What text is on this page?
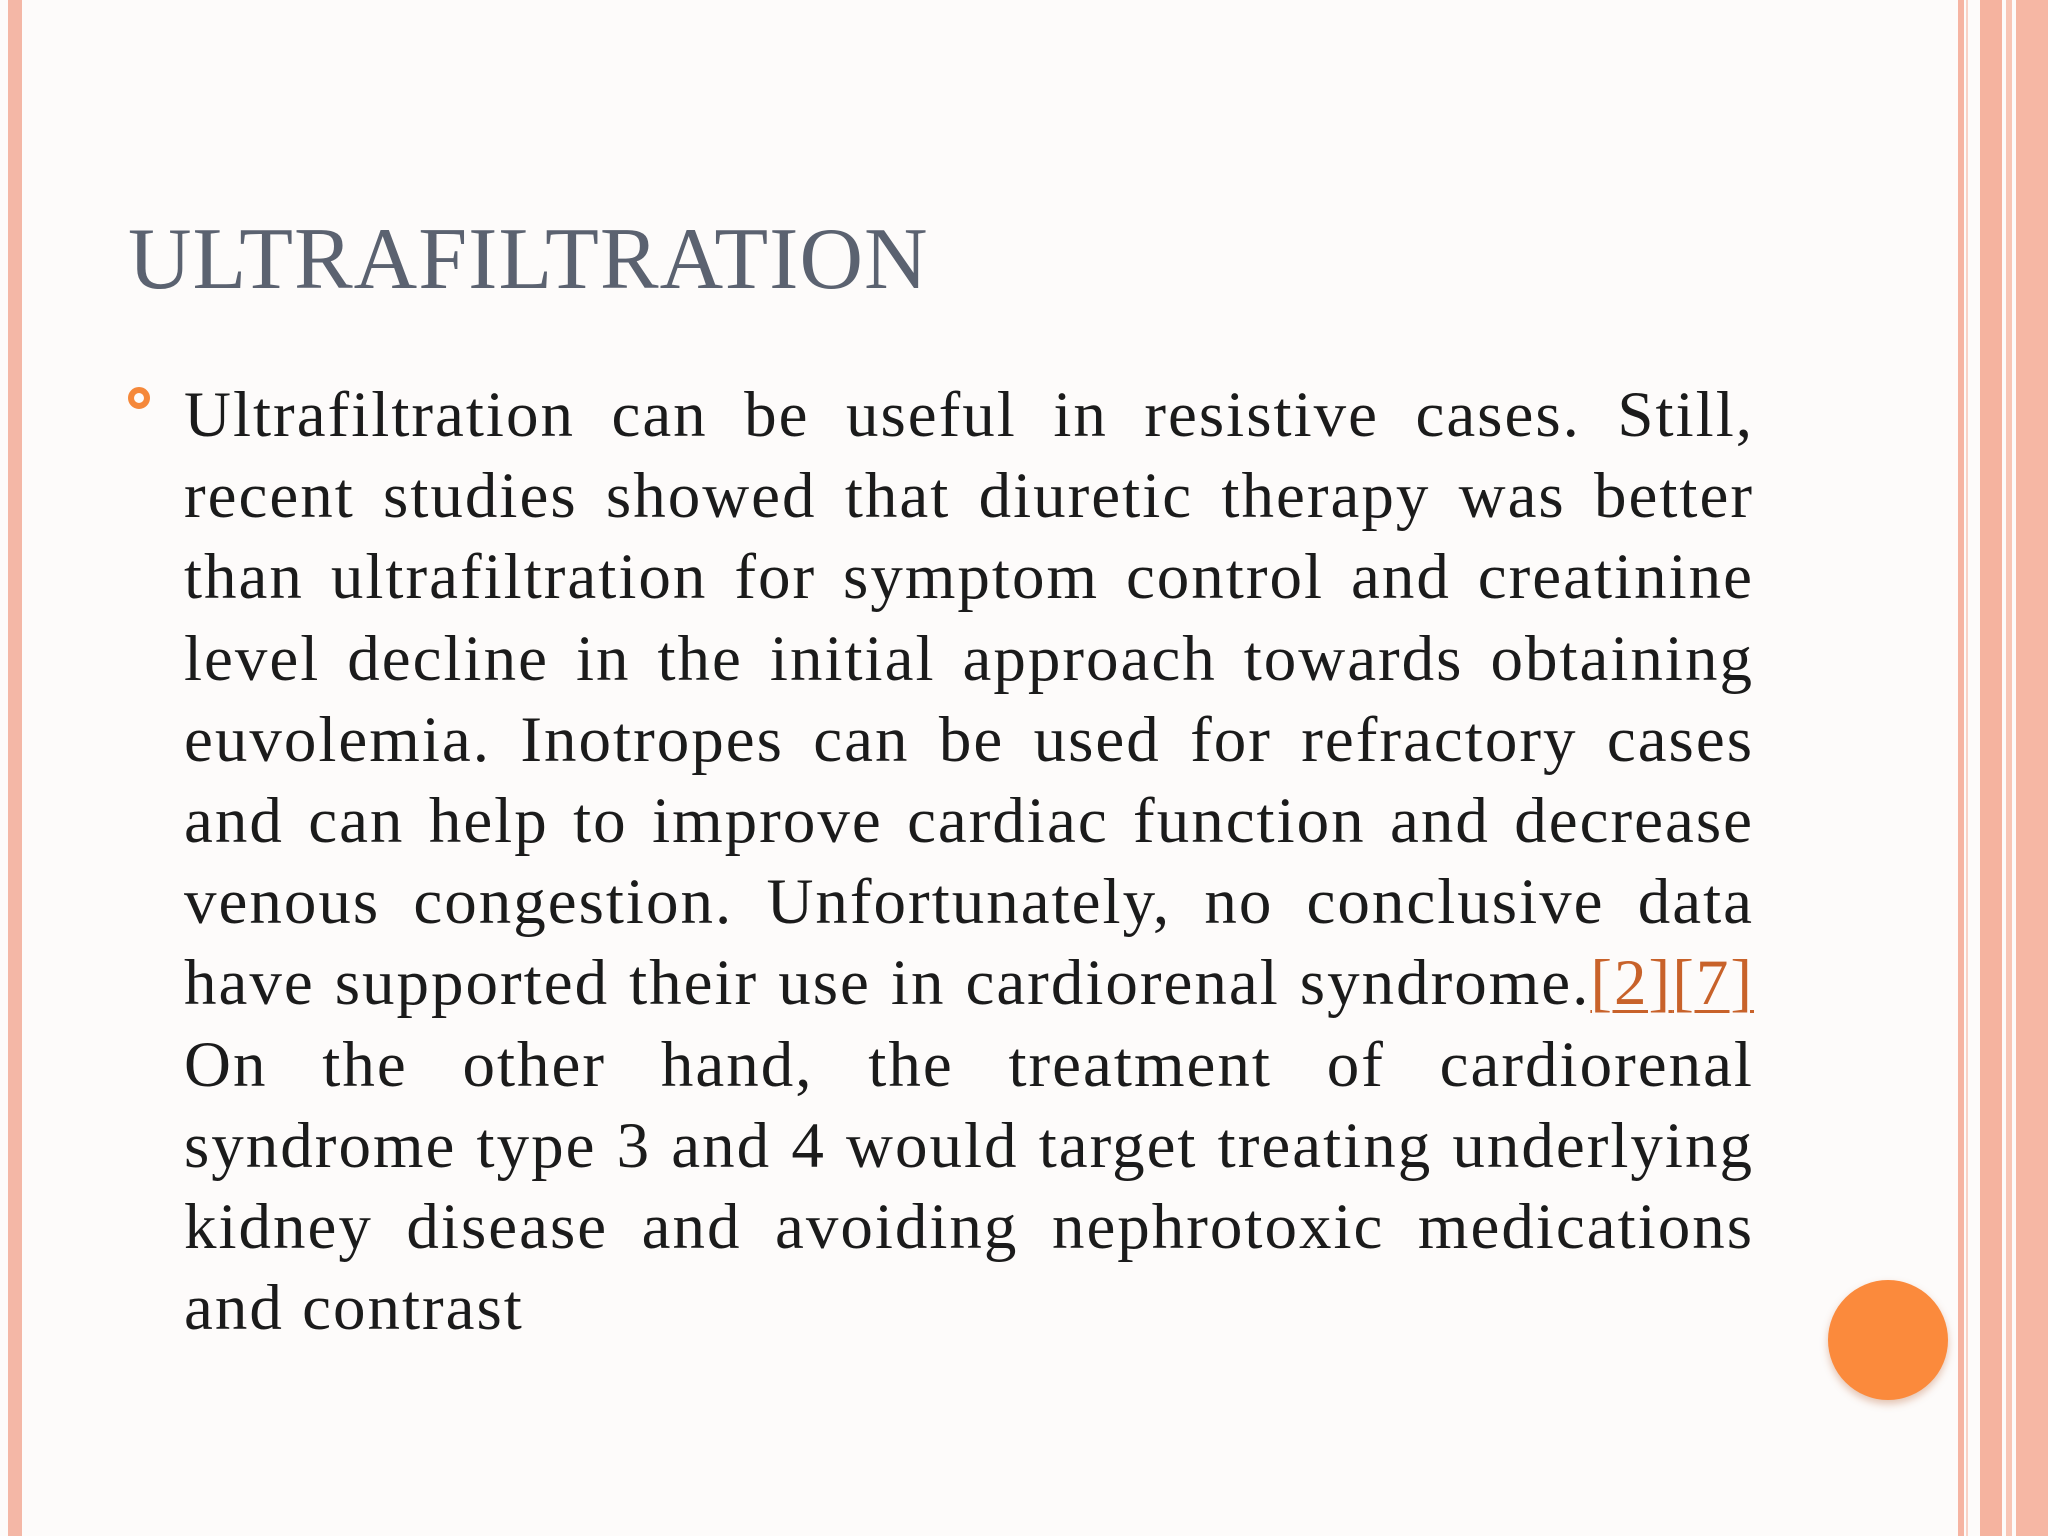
ULTRAFILTRATION

Ultrafiltration can be useful in resistive cases. Still, recent studies showed that diuretic therapy was better than ultrafiltration for symptom control and creatinine level decline in the initial approach towards obtaining euvolemia. Inotropes can be used for refractory cases and can help to improve cardiac function and decrease venous congestion. Unfortunately, no conclusive data have supported their use in cardiorenal syndrome.[2][7] On the other hand, the treatment of cardiorenal syndrome type 3 and 4 would target treating underlying kidney disease and avoiding nephrotoxic medications and contrast
